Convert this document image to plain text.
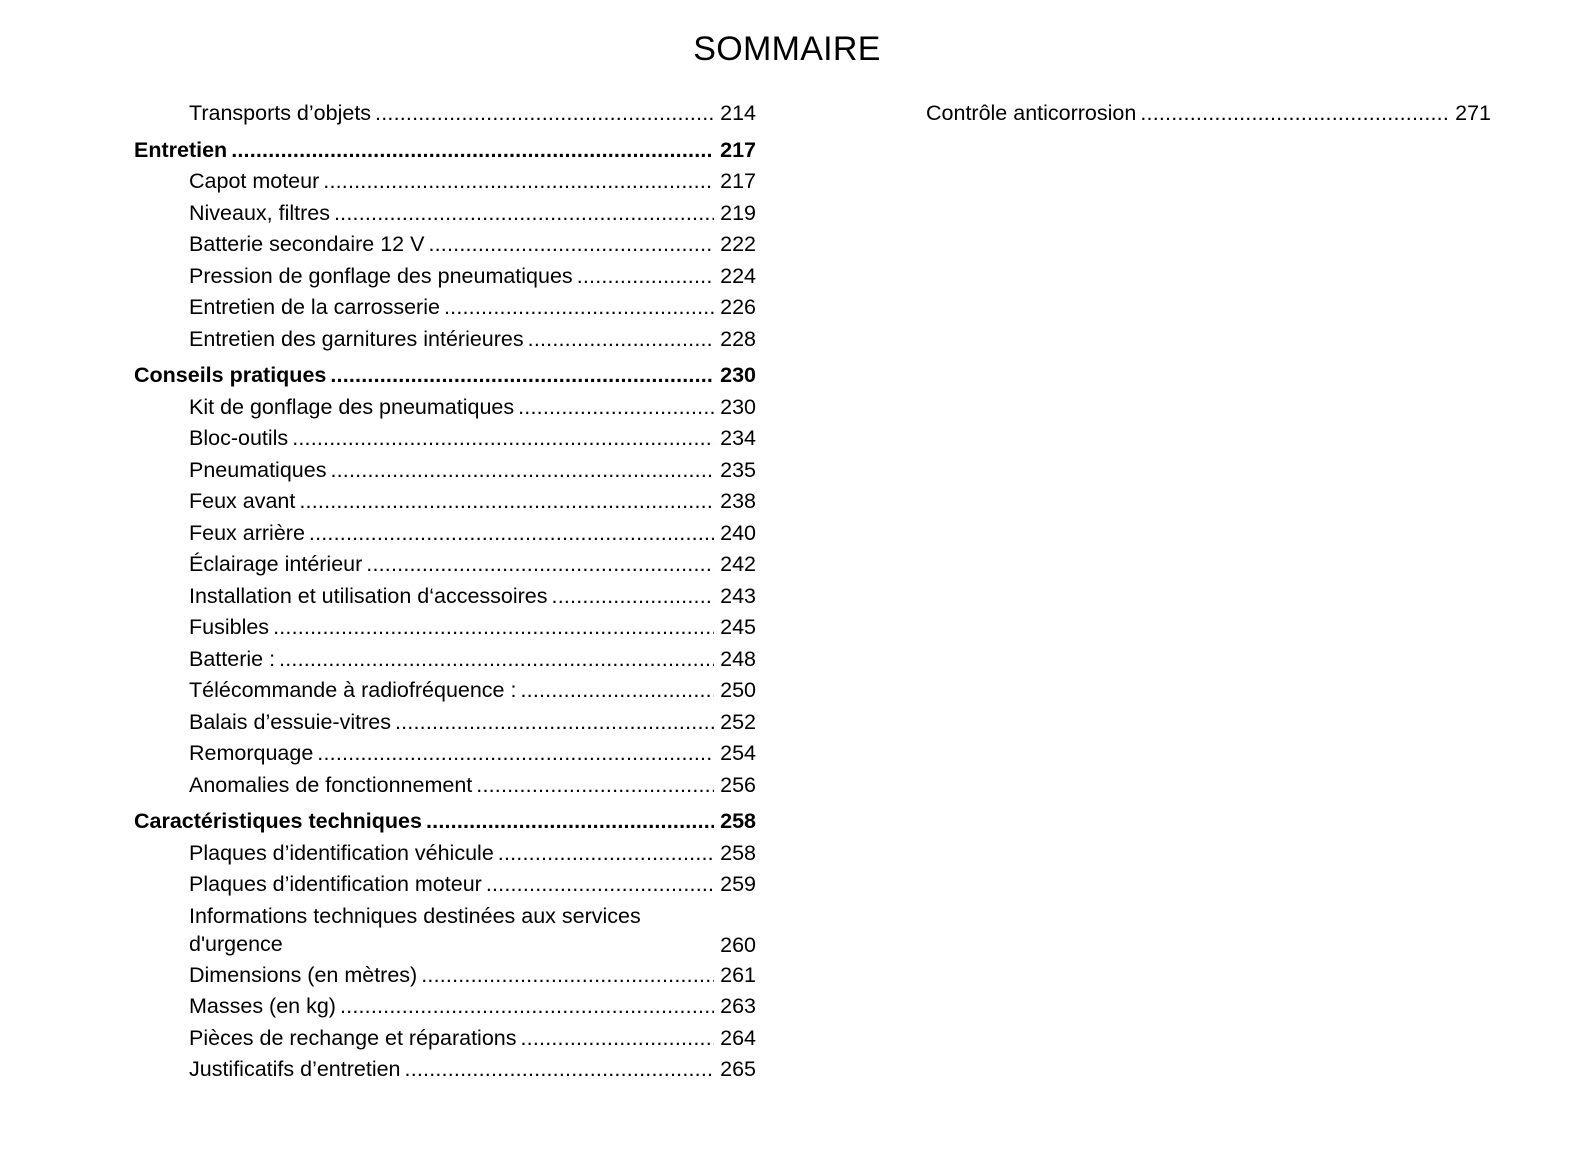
SOMMAIRE
Transports d’objets .....	214
Entretien .....	217
Capot moteur .....	217
Niveaux, filtres .....	219
Batterie secondaire 12 V .....	222
Pression de gonflage des pneumatiques .....	224
Entretien de la carrosserie .....	226
Entretien des garnitures intérieures .....	228
Conseils pratiques .....	230
Kit de gonflage des pneumatiques .....	230
Bloc-outils .....	234
Pneumatiques .....	235
Feux avant .....	238
Feux arrière .....	240
Éclairage intérieur .....	242
Installation et utilisation d‘accessoires .....	243
Fusibles .....	245
Batterie : .....	248
Télécommande à radiofréquence : .....	250
Balais d’essuie-vitres .....	252
Remorquage .....	254
Anomalies de fonctionnement .....	256
Caractéristiques techniques .....	258
Plaques d’identification véhicule .....	258
Plaques d’identification moteur .....	259
Informations techniques destinées aux services d'urgence .....	260
Dimensions (en mètres) .....	261
Masses (en kg) .....	263
Pièces de rechange et réparations .....	264
Justificatifs d’entretien .....	265
Contrôle anticorrosion .....	271
